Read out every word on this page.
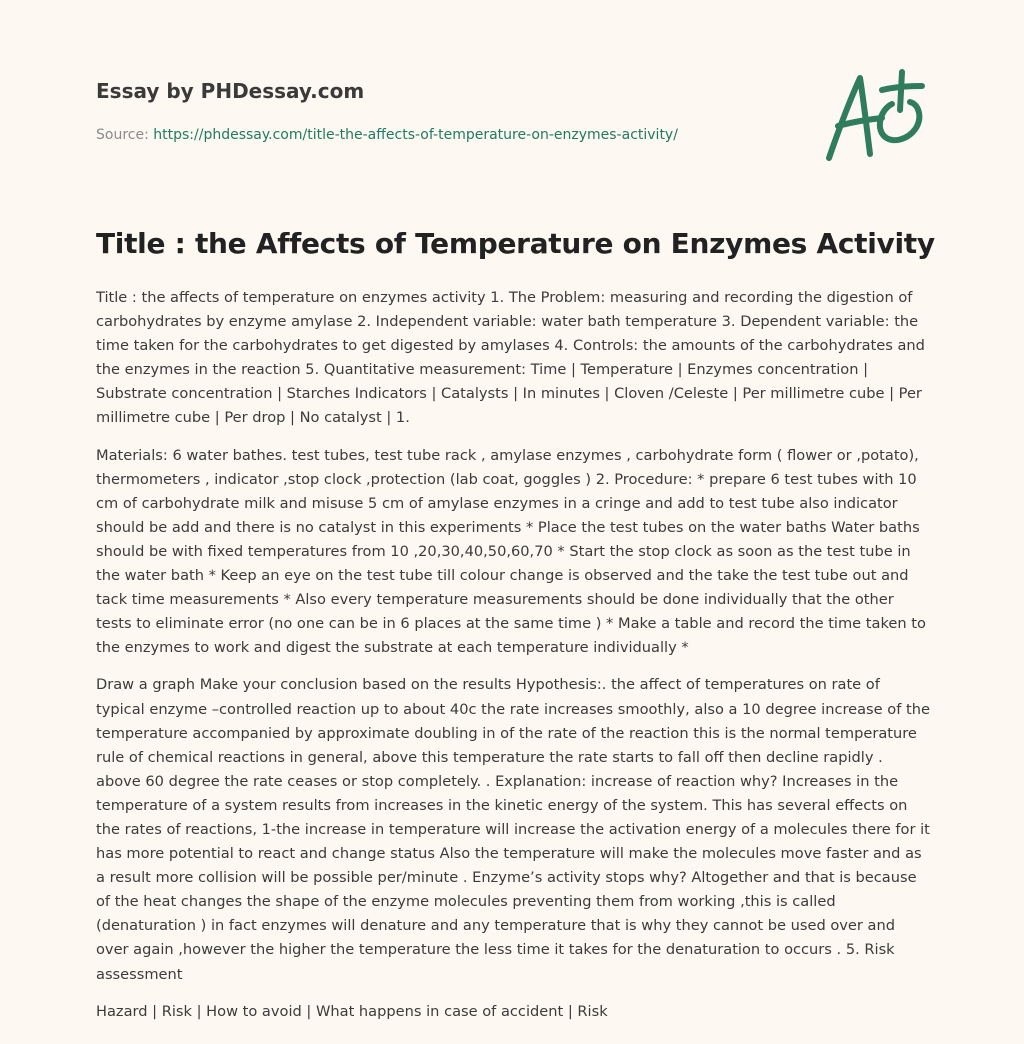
Essay by PHDessay.com
Source: https://phdessay.com/title-the-affects-of-temperature-on-enzymes-activity/
Title : the Affects of Temperature on Enzymes Activity

Title : the affects of temperature on enzymes activity 1. The Problem: measuring and recording the digestion of carbohydrates by enzyme amylase 2. Independent variable: water bath temperature 3. Dependent variable: the time taken for the carbohydrates to get digested by amylases 4. Controls: the amounts of the carbohydrates and the enzymes in the reaction 5. Quantitative measurement: Time | Temperature | Enzymes concentration | Substrate concentration | Starches Indicators | Catalysts | In minutes | Cloven /Celeste | Per millimetre cube | Per millimetre cube | Per drop | No catalyst | 1.

Materials: 6 water bathes. test tubes, test tube rack , amylase enzymes , carbohydrate form ( flower or ,potato), thermometers , indicator ,stop clock ,protection (lab coat, goggles ) 2. Procedure: * prepare 6 test tubes with 10 cm of carbohydrate milk and misuse 5 cm of amylase enzymes in a cringe and add to test tube also indicator should be add and there is no catalyst in this experiments * Place the test tubes on the water baths Water baths should be with fixed temperatures from 10 ,20,30,40,50,60,70 * Start the stop clock as soon as the test tube in the water bath * Keep an eye on the test tube till colour change is observed and the take the test tube out and tack time measurements * Also every temperature measurements should be done individually that the other tests to eliminate error (no one can be in 6 places at the same time ) * Make a table and record the time taken to the enzymes to work and digest the substrate at each temperature individually *

Draw a graph Make your conclusion based on the results Hypothesis:. the affect of temperatures on rate of typical enzyme –controlled reaction up to about 40c the rate increases smoothly, also a 10 degree increase of the temperature accompanied by approximate doubling in of the rate of the reaction this is the normal temperature rule of chemical reactions in general, above this temperature the rate starts to fall off then decline rapidly . above 60 degree the rate ceases or stop completely. . Explanation: increase of reaction why? Increases in the temperature of a system results from increases in the kinetic energy of the system. This has several effects on the rates of reactions, 1-the increase in temperature will increase the activation energy of a molecules there for it has more potential to react and change status Also the temperature will make the molecules move faster and as a result more collision will be possible per/minute . Enzyme’s activity stops why? Altogether and that is because of the heat changes the shape of the enzyme molecules preventing them from working ,this is called (denaturation ) in fact enzymes will denature and any temperature that is why they cannot be used over and over again ,however the higher the temperature the less time it takes for the denaturation to occurs . 5. Risk assessment

Hazard | Risk | How to avoid | What happens in case of accident | Risk
